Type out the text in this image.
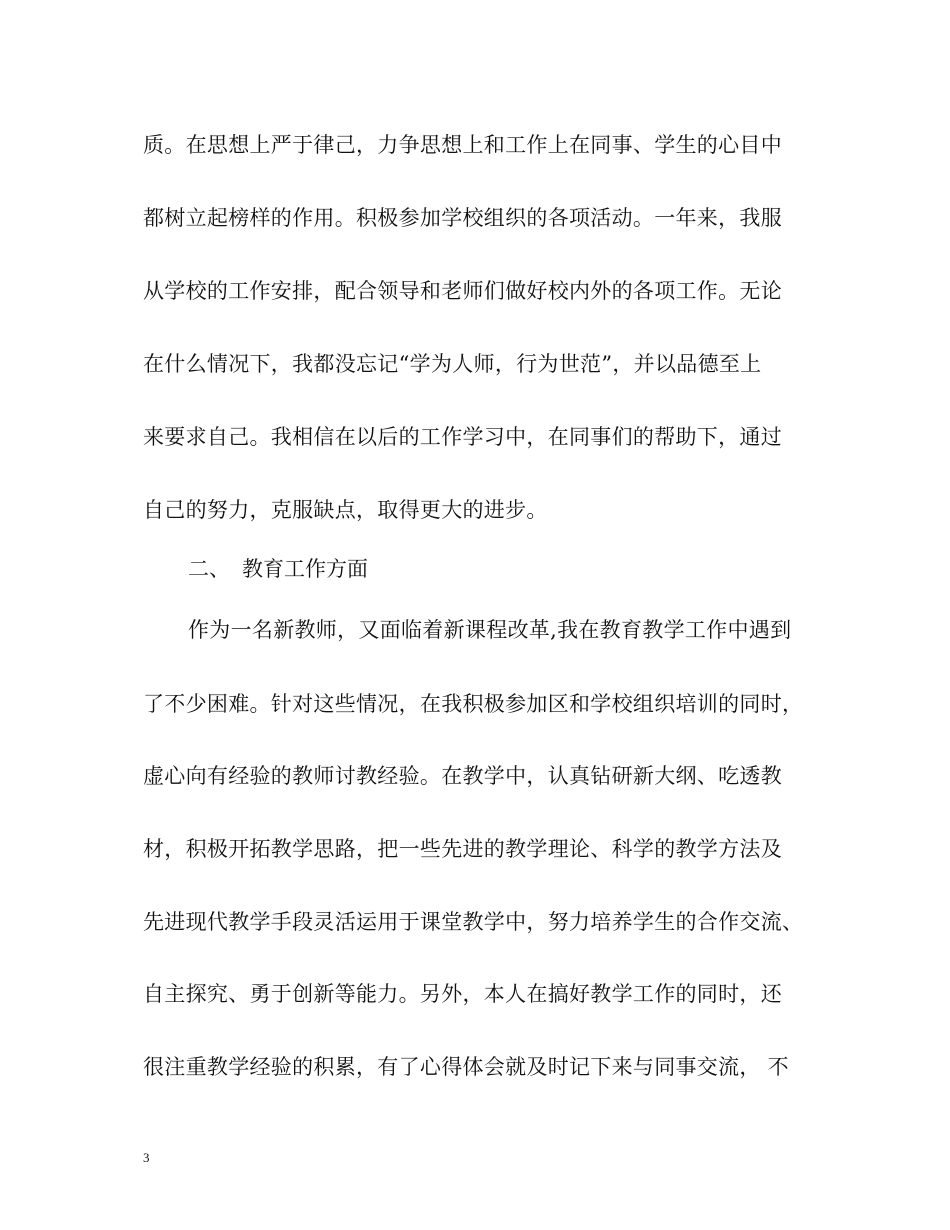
质。在思想上严于律己，力争思想上和工作上在同事、学生的心目中
都树立起榜样的作用。积极参加学校组织的各项活动。一年来，我服
从学校的工作安排，配合领导和老师们做好校内外的各项工作。无论
在什么情况下，我都没忘记“学为人师，行为世范”，并以品德至上
来要求自己。我相信在以后的工作学习中，在同事们的帮助下，通过
自己的努力，克服缺点，取得更大的进步。
二、 教育工作方面
作为一名新教师，又面临着新课程改革,我在教育教学工作中遇到
了不少困难。针对这些情况，在我积极参加区和学校组织培训的同时，
虚心向有经验的教师讨教经验。在教学中，认真钻研新大纲、吃透教
材，积极开拓教学思路，把一些先进的教学理论、科学的教学方法及
先进现代教学手段灵活运用于课堂教学中，努力培养学生的合作交流、
自主探究、勇于创新等能力。另外，本人在搞好教学工作的同时，还
很注重教学经验的积累，有了心得体会就及时记下来与同事交流， 不
3
